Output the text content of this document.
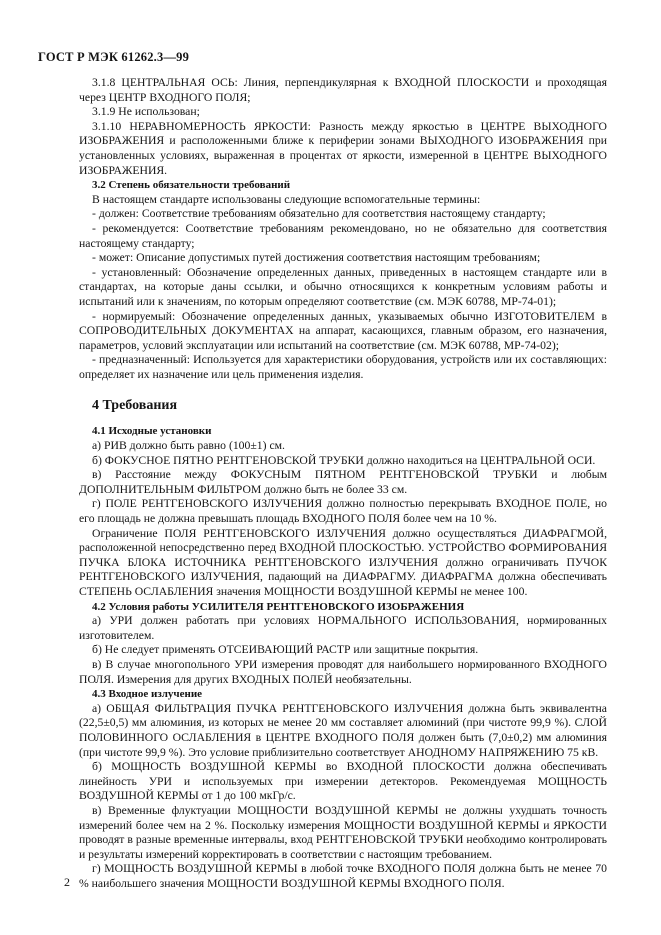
ГОСТ Р МЭК 61262.3—99

3.1.8 ЦЕНТРАЛЬНАЯ ОСЬ: Линия, перпендикулярная к ВХОДНОЙ ПЛОСКОСТИ и проходящая через ЦЕНТР ВХОДНОГО ПОЛЯ;

3.1.9 Не использован;

3.1.10 НЕРАВНОМЕРНОСТЬ ЯРКОСТИ: Разность между яркостью в ЦЕНТРЕ ВЫХОДНОГО ИЗОБРАЖЕНИЯ и расположенными ближе к периферии зонами ВЫХОДНОГО ИЗОБРАЖЕНИЯ при установленных условиях, выраженная в процентах от яркости, измеренной в ЦЕНТРЕ ВЫХОДНОГО ИЗОБРАЖЕНИЯ.

3.2 Степень обязательности требований

В настоящем стандарте использованы следующие вспомогательные термины:

- должен: Соответствие требованиям обязательно для соответствия настоящему стандарту;

- рекомендуется: Соответствие требованиям рекомендовано, но не обязательно для соответствия настоящему стандарту;

- может: Описание допустимых путей достижения соответствия настоящим требованиям;

- установленный: Обозначение определенных данных, приведенных в настоящем стандарте или в стандартах, на которые даны ссылки, и обычно относящихся к конкретным условиям работы и испытаний или к значениям, по которым определяют соответствие (см. МЭК 60788, МР-74-01);

- нормируемый: Обозначение определенных данных, указываемых обычно ИЗГОТОВИТЕЛЕМ в СОПРОВОДИТЕЛЬНЫХ ДОКУМЕНТАХ на аппарат, касающихся, главным образом, его назначения, параметров, условий эксплуатации или испытаний на соответствие (см. МЭК 60788, МР-74-02);

- предназначенный: Используется для характеристики оборудования, устройств или их составляющих: определяет их назначение или цель применения изделия.

4 Требования

4.1 Исходные установки

а) РИВ должно быть равно (100±1) см.

б) ФОКУСНОЕ ПЯТНО РЕНТГЕНОВСКОЙ ТРУБКИ должно находиться на ЦЕНТРАЛЬНОЙ ОСИ.

в) Расстояние между ФОКУСНЫМ ПЯТНОМ РЕНТГЕНОВСКОЙ ТРУБКИ и любым ДОПОЛНИТЕЛЬНЫМ ФИЛЬТРОМ должно быть не более 33 см.

г) ПОЛЕ РЕНТГЕНОВСКОГО ИЗЛУЧЕНИЯ должно полностью перекрывать ВХОДНОЕ ПОЛЕ, но его площадь не должна превышать площадь ВХОДНОГО ПОЛЯ более чем на 10 %.

Ограничение ПОЛЯ РЕНТГЕНОВСКОГО ИЗЛУЧЕНИЯ должно осуществляться ДИАФРАГМОЙ, расположенной непосредственно перед ВХОДНОЙ ПЛОСКОСТЬЮ. УСТРОЙСТВО ФОРМИРОВАНИЯ ПУЧКА БЛОКА ИСТОЧНИКА РЕНТГЕНОВСКОГО ИЗЛУЧЕНИЯ должно ограничивать ПУЧОК РЕНТГЕНОВСКОГО ИЗЛУЧЕНИЯ, падающий на ДИАФРАГМУ. ДИАФРАГМА должна обеспечивать СТЕПЕНЬ ОСЛАБЛЕНИЯ значения МОЩНОСТИ ВОЗДУШНОЙ КЕРМЫ не менее 100.

4.2 Условия работы УСИЛИТЕЛЯ РЕНТГЕНОВСКОГО ИЗОБРАЖЕНИЯ

а) УРИ должен работать при условиях НОРМАЛЬНОГО ИСПОЛЬЗОВАНИЯ, нормированных изготовителем.

б) Не следует применять ОТСЕИВАЮЩИЙ РАСТР или защитные покрытия.

в) В случае многопольного УРИ измерения проводят для наибольшего нормированного ВХОДНОГО ПОЛЯ. Измерения для других ВХОДНЫХ ПОЛЕЙ необязательны.

4.3 Входное излучение

а) ОБЩАЯ ФИЛЬТРАЦИЯ ПУЧКА РЕНТГЕНОВСКОГО ИЗЛУЧЕНИЯ должна быть эквивалентна (22,5±0,5) мм алюминия, из которых не менее 20 мм составляет алюминий (при чистоте 99,9 %). СЛОЙ ПОЛОВИННОГО ОСЛАБЛЕНИЯ в ЦЕНТРЕ ВХОДНОГО ПОЛЯ должен быть (7,0±0,2) мм алюминия (при чистоте 99,9 %). Это условие приблизительно соответствует АНОДНОМУ НАПРЯЖЕНИЮ 75 кВ.

б) МОЩНОСТЬ ВОЗДУШНОЙ КЕРМЫ во ВХОДНОЙ ПЛОСКОСТИ должна обеспечивать линейность УРИ и используемых при измерении детекторов. Рекомендуемая МОЩНОСТЬ ВОЗДУШНОЙ КЕРМЫ от 1 до 100 мкГр/с.

в) Временные флуктуации МОЩНОСТИ ВОЗДУШНОЙ КЕРМЫ не должны ухудшать точность измерений более чем на 2 %. Поскольку измерения МОЩНОСТИ ВОЗДУШНОЙ КЕРМЫ и ЯРКОСТИ проводят в разные временные интервалы, вход РЕНТГЕНОВСКОЙ ТРУБКИ необходимо контролировать и результаты измерений корректировать в соответствии с настоящим требованием.

г) МОЩНОСТЬ ВОЗДУШНОЙ КЕРМЫ в любой точке ВХОДНОГО ПОЛЯ должна быть не менее 70 % наибольшего значения МОЩНОСТИ ВОЗДУШНОЙ КЕРМЫ ВХОДНОГО ПОЛЯ.

2
